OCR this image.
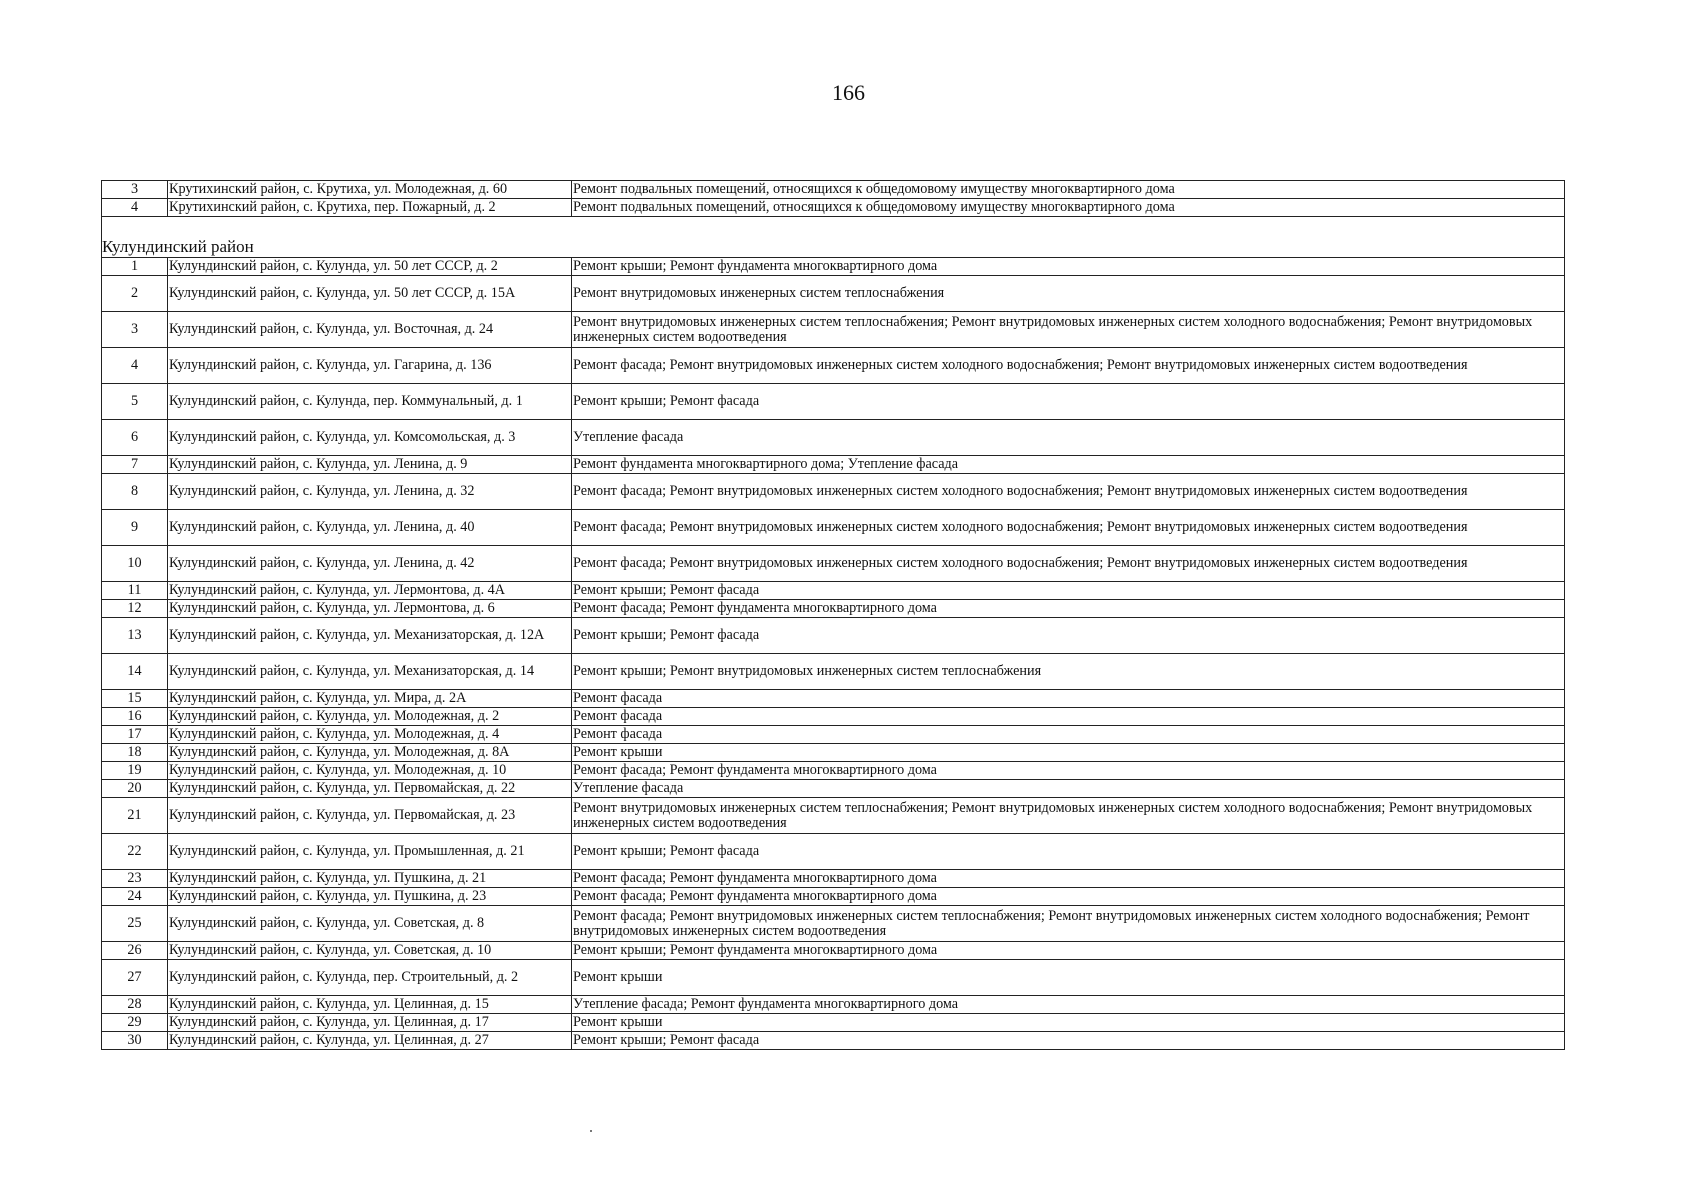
166
3	Крутихинский район, с. Крутиха, ул. Молодежная, д. 60	Ремонт подвальных помещений, относящихся к общедомовому имуществу многоквартирного дома
4	Крутихинский район, с. Крутиха, пер. Пожарный, д. 2	Ремонт подвальных помещений, относящихся к общедомовому имуществу многоквартирного дома

Кулундинский район		
1	Кулундинский район, с. Кулунда, ул. 50 лет СССР, д. 2	Ремонт крыши; Ремонт фундамента многоквартирного дома
2	Кулундинский район, с. Кулунда, ул. 50 лет СССР, д. 15А	Ремонт внутридомовых инженерных систем теплоснабжения
3	Кулундинский район, с. Кулунда, ул. Восточная, д. 24	Ремонт внутридомовых инженерных систем теплоснабжения; Ремонт внутридомовых инженерных систем холодного водоснабжения; Ремонт внутридомовых инженерных систем водоотведения
4	Кулундинский район, с. Кулунда, ул. Гагарина, д. 136	Ремонт фасада; Ремонт внутридомовых инженерных систем холодного водоснабжения; Ремонт внутридомовых инженерных систем водоотведения
5	Кулундинский район, с. Кулунда, пер. Коммунальный, д. 1	Ремонт крыши; Ремонт фасада
6	Кулундинский район, с. Кулунда, ул. Комсомольская, д. 3	Утепление фасада
7	Кулундинский район, с. Кулунда, ул. Ленина, д. 9	Ремонт фундамента многоквартирного дома; Утепление фасада
8	Кулундинский район, с. Кулунда, ул. Ленина, д. 32	Ремонт фасада; Ремонт внутридомовых инженерных систем холодного водоснабжения; Ремонт внутридомовых инженерных систем водоотведения
9	Кулундинский район, с. Кулунда, ул. Ленина, д. 40	Ремонт фасада; Ремонт внутридомовых инженерных систем холодного водоснабжения; Ремонт внутридомовых инженерных систем водоотведения
10	Кулундинский район, с. Кулунда, ул. Ленина, д. 42	Ремонт фасада; Ремонт внутридомовых инженерных систем холодного водоснабжения; Ремонт внутридомовых инженерных систем водоотведения
11	Кулундинский район, с. Кулунда, ул. Лермонтова, д. 4А	Ремонт крыши; Ремонт фасада
12	Кулундинский район, с. Кулунда, ул. Лермонтова, д. 6	Ремонт фасада; Ремонт фундамента многоквартирного дома
13	Кулундинский район, с. Кулунда, ул. Механизаторская, д. 12А	Ремонт крыши; Ремонт фасада
14	Кулундинский район, с. Кулунда, ул. Механизаторская, д. 14	Ремонт крыши; Ремонт внутридомовых инженерных систем теплоснабжения
15	Кулундинский район, с. Кулунда, ул. Мира, д. 2А	Ремонт фасада
16	Кулундинский район, с. Кулунда, ул. Молодежная, д. 2	Ремонт фасада
17	Кулундинский район, с. Кулунда, ул. Молодежная, д. 4	Ремонт фасада
18	Кулундинский район, с. Кулунда, ул. Молодежная, д. 8А	Ремонт крыши
19	Кулундинский район, с. Кулунда, ул. Молодежная, д. 10	Ремонт фасада; Ремонт фундамента многоквартирного дома
20	Кулундинский район, с. Кулунда, ул. Первомайская, д. 22	Утепление фасада
21	Кулундинский район, с. Кулунда, ул. Первомайская, д. 23	Ремонт внутридомовых инженерных систем теплоснабжения; Ремонт внутридомовых инженерных систем холодного водоснабжения; Ремонт внутридомовых инженерных систем водоотведения
22	Кулундинский район, с. Кулунда, ул. Промышленная, д. 21	Ремонт крыши; Ремонт фасада
23	Кулундинский район, с. Кулунда, ул. Пушкина, д. 21	Ремонт фасада; Ремонт фундамента многоквартирного дома
24	Кулундинский район, с. Кулунда, ул. Пушкина, д. 23	Ремонт фасада; Ремонт фундамента многоквартирного дома
25	Кулундинский район, с. Кулунда, ул. Советская, д. 8	Ремонт фасада; Ремонт внутридомовых инженерных систем теплоснабжения; Ремонт внутридомовых инженерных систем холодного водоснабжения; Ремонт внутридомовых инженерных систем водоотведения
26	Кулундинский район, с. Кулунда, ул. Советская, д. 10	Ремонт крыши; Ремонт фундамента многоквартирного дома
27	Кулундинский район, с. Кулунда, пер. Строительный, д. 2	Ремонт крыши
28	Кулундинский район, с. Кулунда, ул. Целинная, д. 15	Утепление фасада; Ремонт фундамента многоквартирного дома
29	Кулундинский район, с. Кулунда, ул. Целинная, д. 17	Ремонт крыши
30	Кулундинский район, с. Кулунда, ул. Целинная, д. 27	Ремонт крыши; Ремонт фасада
